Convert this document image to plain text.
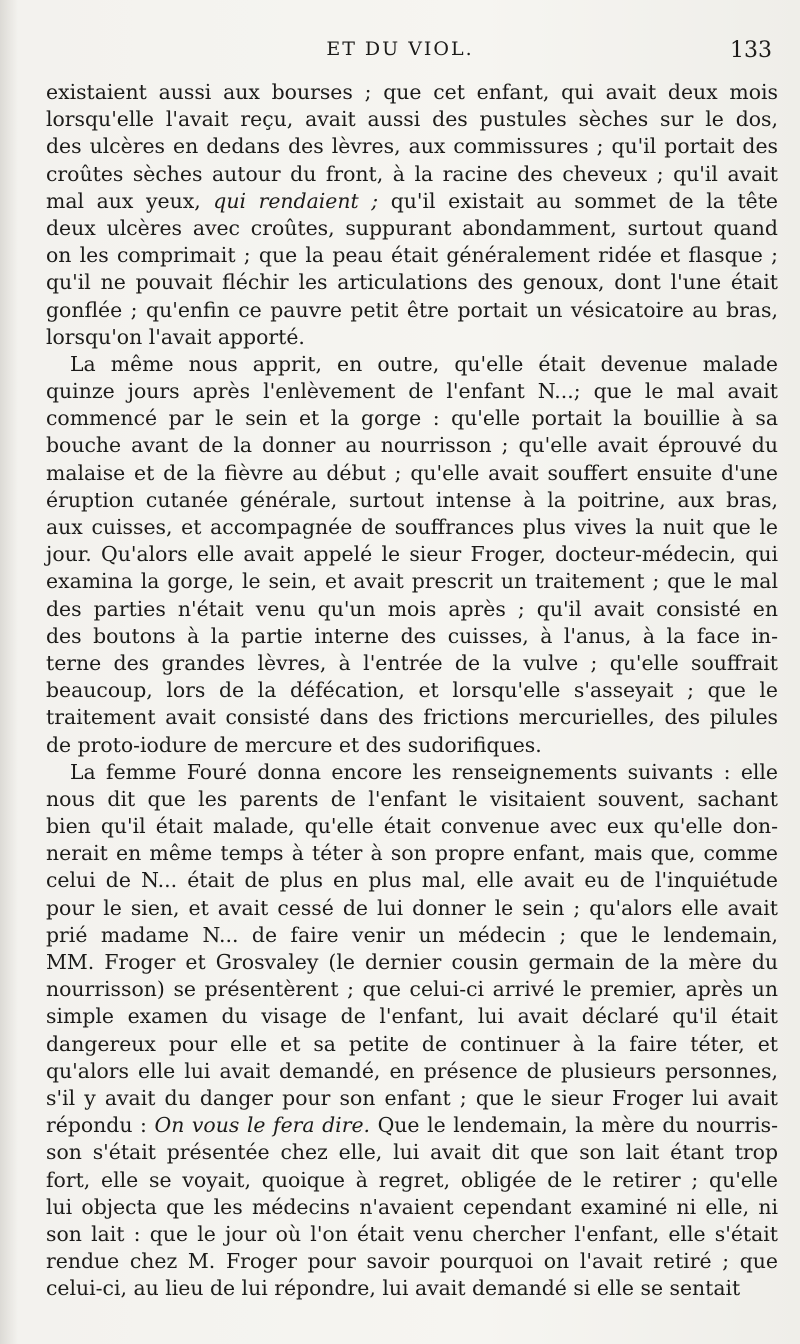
ET DU VIOL.	133
existaient aussi aux bourses ; que cet enfant, qui avait deux mois
lorsqu'elle l'avait reçu, avait aussi des pustules sèches sur le dos,
des ulcères en dedans des lèvres, aux commissures ; qu'il portait des
croûtes sèches autour du front, à la racine des cheveux ; qu'il avait
mal aux yeux, qui rendaient ; qu'il existait au sommet de la tête
deux ulcères avec croûtes, suppurant abondamment, surtout quand
on les comprimait ; que la peau était généralement ridée et flasque ;
qu'il ne pouvait fléchir les articulations des genoux, dont l'une était
gonflée ; qu'enfin ce pauvre petit être portait un vésicatoire au bras,
lorsqu'on l'avait apporté.
La même nous apprit, en outre, qu'elle était devenue malade
quinze jours après l'enlèvement de l'enfant N...; que le mal avait
commencé par le sein et la gorge : qu'elle portait la bouillie à sa
bouche avant de la donner au nourrisson ; qu'elle avait éprouvé du
malaise et de la fièvre au début ; qu'elle avait souffert ensuite d'une
éruption cutanée générale, surtout intense à la poitrine, aux bras,
aux cuisses, et accompagnée de souffrances plus vives la nuit que le
jour. Qu'alors elle avait appelé le sieur Froger, docteur-médecin, qui
examina la gorge, le sein, et avait prescrit un traitement ; que le mal
des parties n'était venu qu'un mois après ; qu'il avait consisté en
des boutons à la partie interne des cuisses, à l'anus, à la face in-
terne des grandes lèvres, à l'entrée de la vulve ; qu'elle souffrait
beaucoup, lors de la défécation, et lorsqu'elle s'asseyait ; que le
traitement avait consisté dans des frictions mercurielles, des pilules
de proto-iodure de mercure et des sudorifiques.
La femme Fouré donna encore les renseignements suivants : elle
nous dit que les parents de l'enfant le visitaient souvent, sachant
bien qu'il était malade, qu'elle était convenue avec eux qu'elle don-
nerait en même temps à téter à son propre enfant, mais que, comme
celui de N... était de plus en plus mal, elle avait eu de l'inquiétude
pour le sien, et avait cessé de lui donner le sein ; qu'alors elle avait
prié madame N... de faire venir un médecin ; que le lendemain,
MM. Froger et Grosvaley (le dernier cousin germain de la mère du
nourrisson) se présentèrent ; que celui-ci arrivé le premier, après un
simple examen du visage de l'enfant, lui avait déclaré qu'il était
dangereux pour elle et sa petite de continuer à la faire téter, et
qu'alors elle lui avait demandé, en présence de plusieurs personnes,
s'il y avait du danger pour son enfant ; que le sieur Froger lui avait
répondu : On vous le fera dire. Que le lendemain, la mère du nourris-
son s'était présentée chez elle, lui avait dit que son lait étant trop
fort, elle se voyait, quoique à regret, obligée de le retirer ; qu'elle
lui objecta que les médecins n'avaient cependant examiné ni elle, ni
son lait : que le jour où l'on était venu chercher l'enfant, elle s'était
rendue chez M. Froger pour savoir pourquoi on l'avait retiré ; que
celui-ci, au lieu de lui répondre, lui avait demandé si elle se sentait
